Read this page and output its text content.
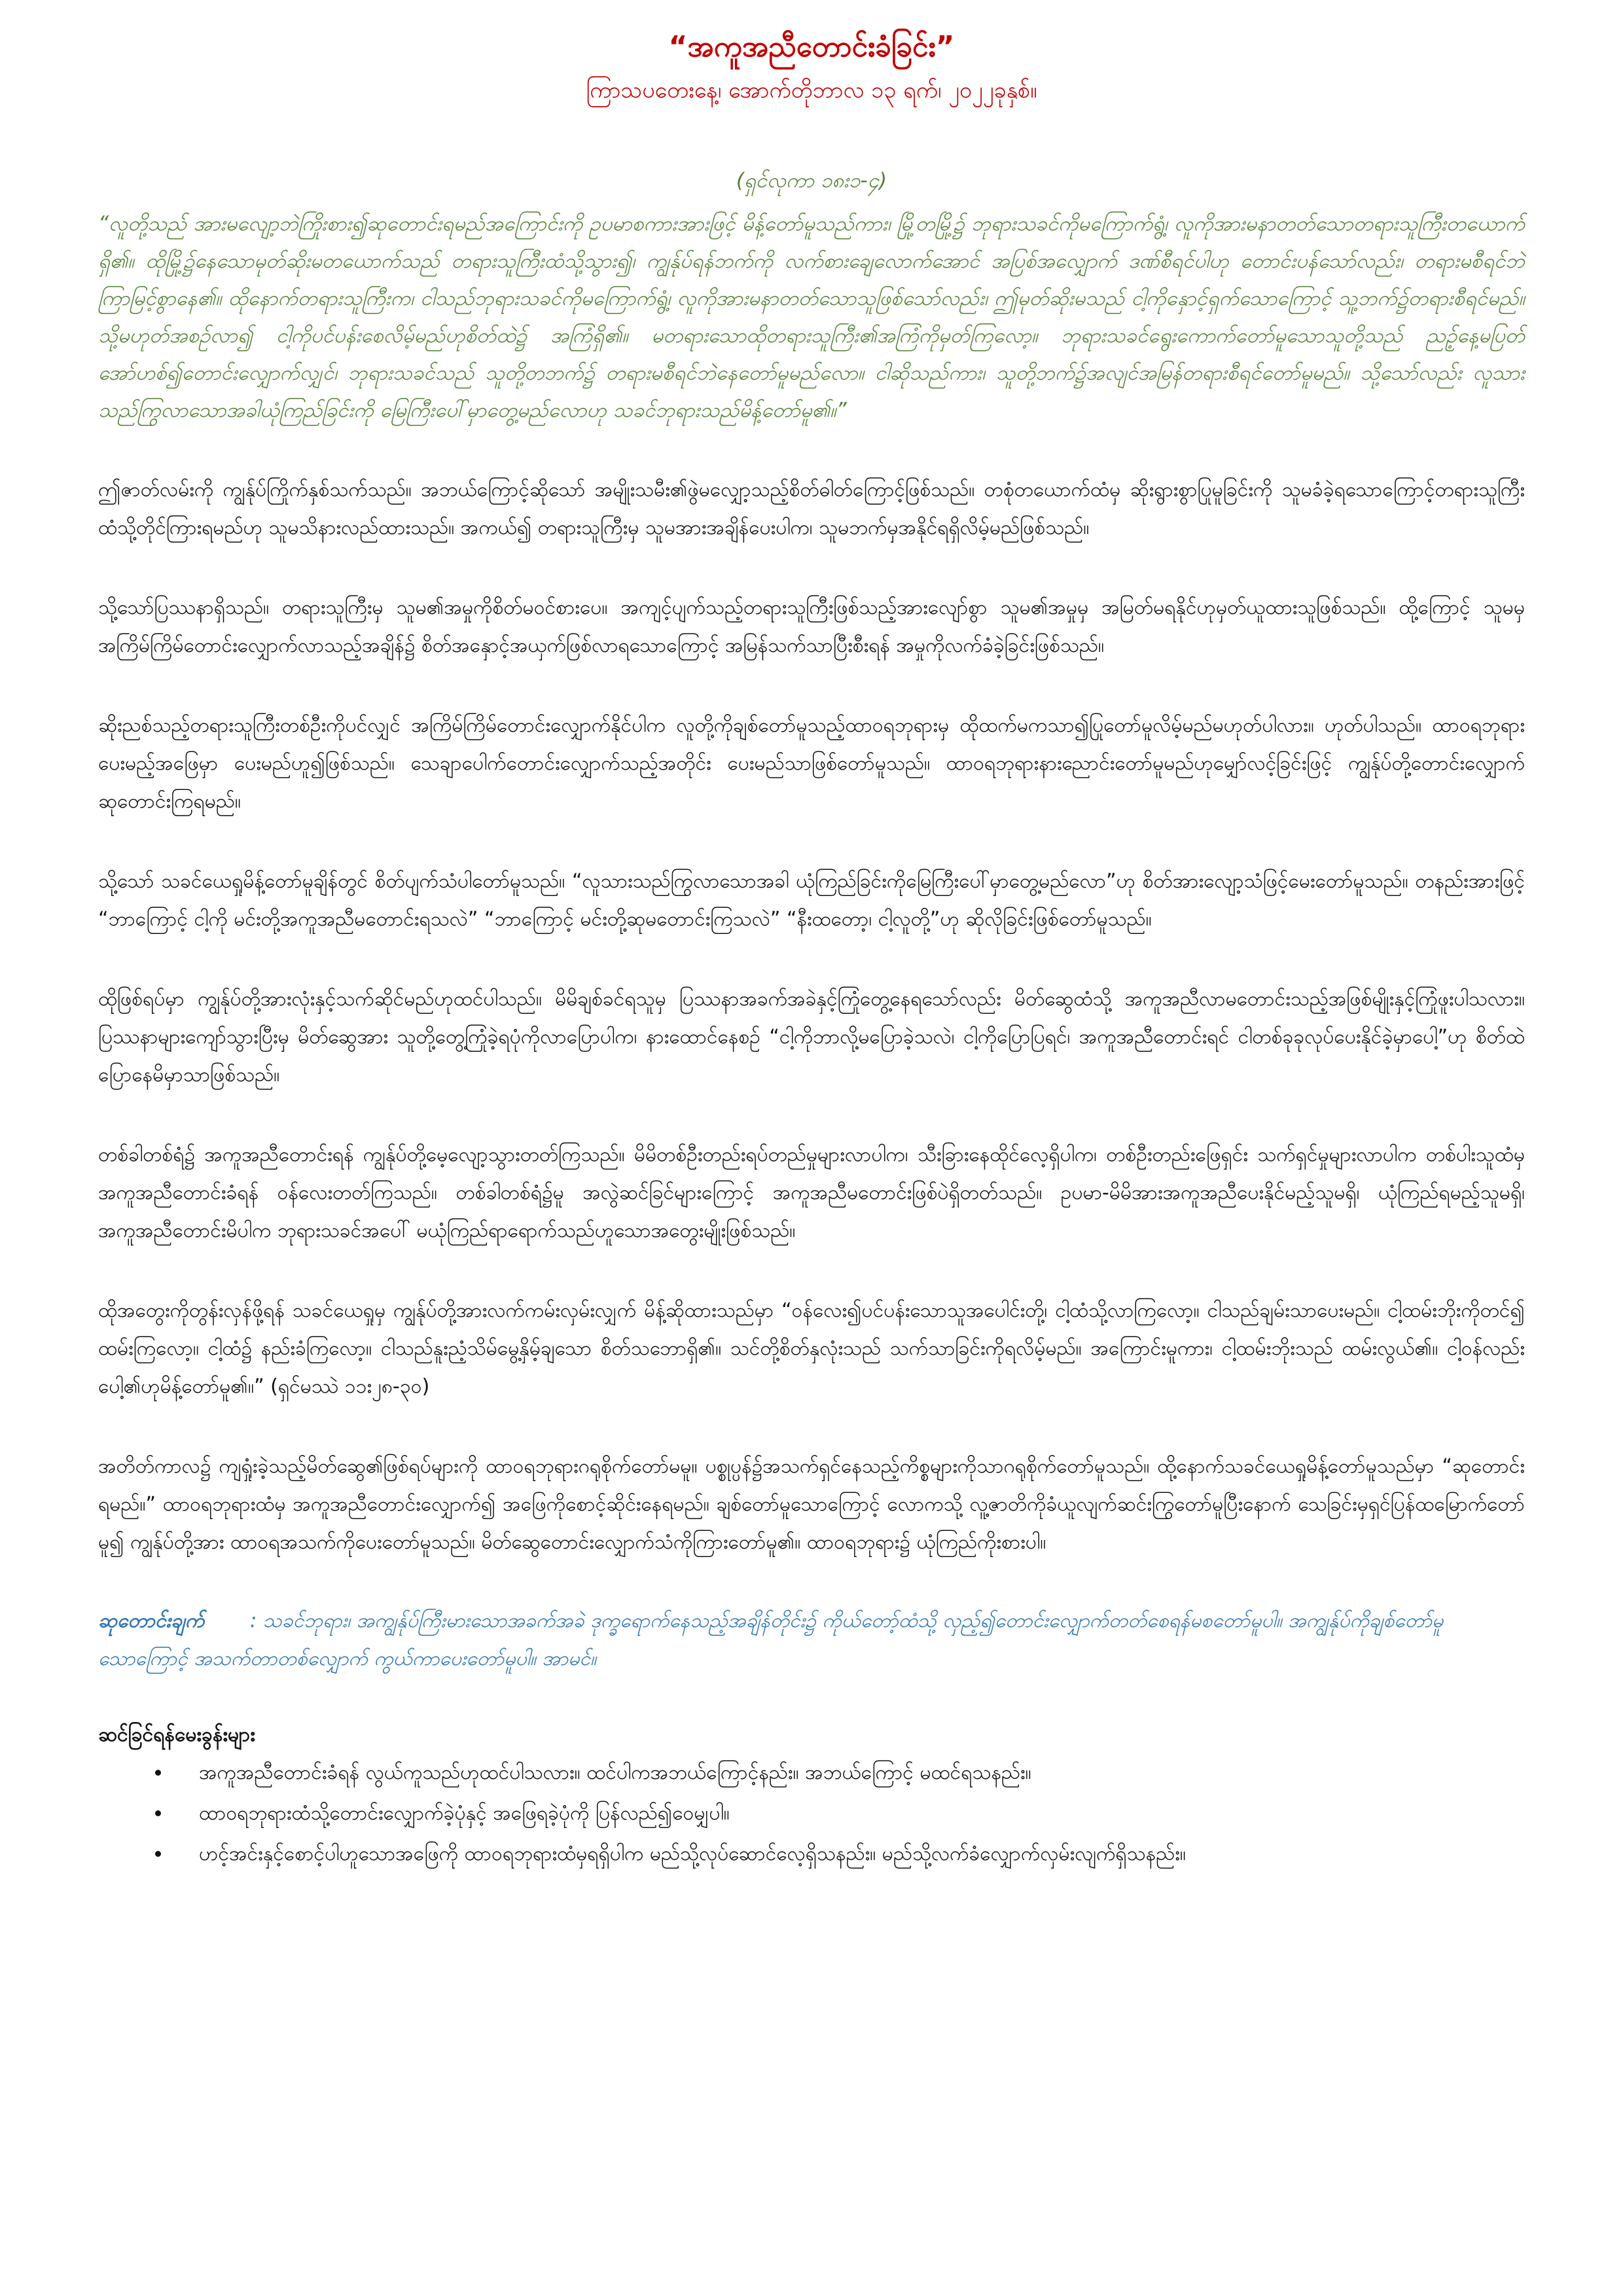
“အကူအညီတောင်းခံခြင်း”

ကြာသပတေးနေ့၊ အောက်တိုဘာလ ၁၃ ရက်၊ ၂၀၂၂ခုနှစ်။

(ရှင်လုကာ ၁၈း၁-၄)

“လူတို့သည် အားမလျော့ဘဲကြိုးစား၍ဆုတောင်းရမည်အကြောင်းကို ဥပမာစကားအားဖြင့် မိန့်တော်မူသည်ကား၊ မြို့တမြို့၌ ဘုရားသခင်ကိုမကြောက်ရွံ့၊ လူကိုအားမနာတတ်သောတရားသူကြီးတယောက်ရှိ၏။ ထိုမြို့၌နေသောမုတ်ဆိုးမတယောက်သည် တရားသူကြီးထံသို့သွား၍၊ ကျွန်ုပ်ရန်ဘက်ကို လက်စားချေလောက်အောင် အပြစ်အလျှောက် ဒဏ်စီရင်ပါဟု တောင်းပန်သော်လည်း၊ တရားမစီရင်ဘဲကြာမြင့်စွာနေ၏။ ထိုနောက်တရားသူကြီးက၊ ငါသည်ဘုရားသခင်ကိုမကြောက်ရွံ့၊ လူကိုအားမနာတတ်သောသူဖြစ်သော်လည်း၊ ဤမုတ်ဆိုးမသည် ငါ့ကိုနှောင့်ရှက်သောကြောင့် သူ့ဘက်၌တရားစီရင်မည်။ သို့မဟုတ်အစဉ်လာ၍ ငါ့ကိုပင်ပန်းစေလိမ့်မည်ဟုစိတ်ထဲ၌ အကြံရှိ၏။ မတရားသောထိုတရားသူကြီး၏အကြံကိုမှတ်ကြလော့။ ဘုရားသခင်ရွေးကောက်တော်မူသောသူတို့သည် ညဉ့်နေ့မပြတ်အော်ဟစ်၍တောင်းလျှောက်လျှင်၊ ဘုရားသခင်သည် သူတို့တဘက်၌ တရားမစီရင်ဘဲနေတော်မူမည်လော။ ငါဆိုသည်ကား၊ သူတို့ဘက်၌အလျင်အမြန်တရားစီရင်တော်မူမည်။ သို့သော်လည်း လူသားသည်ကြွလာသောအခါယုံကြည်ခြင်းကို မြေကြီးပေါ်မှာတွေ့မည်လောဟု သခင်ဘုရားသည်မိန့်တော်မူ၏။”

ဤဇာတ်လမ်းကို ကျွန်ုပ်ကြိုက်နှစ်သက်သည်။ အဘယ်ကြောင့်ဆိုသော် အမျိုးသမီး၏ဖွဲမလျှော့သည့်စိတ်ဓါတ်ကြောင့်ဖြစ်သည်။ တစုံတယောက်ထံမှ ဆိုးရွားစွာပြုမူခြင်းကို သူမခံခဲ့ရသောကြောင့်တရားသူကြီးထံသို့တိုင်ကြားရမည်ဟု သူမသိနားလည်ထားသည်။ အကယ်၍ တရားသူကြီးမှ သူမအားအချိန်ပေးပါက၊ သူမဘက်မှအနိုင်ရရှိလိမ့်မည်ဖြစ်သည်။

သို့သော်ပြဿနာရှိသည်။ တရားသူကြီးမှ သူမ၏အမှုကိုစိတ်မဝင်စားပေ။ အကျင့်ပျက်သည့်တရားသူကြီးဖြစ်သည့်အားလျော်စွာ သူမ၏အမှုမှ အမြတ်မရနိုင်ဟုမှတ်ယူထားသူဖြစ်သည်။ ထို့ကြောင့် သူမမှအကြိမ်ကြိမ်တောင်းလျှောက်လာသည့်အချိန်၌ စိတ်အနှောင့်အယှက်ဖြစ်လာရသောကြောင့် အမြန်သက်သာပြီးစီးရန် အမှုကိုလက်ခံခဲ့ခြင်းဖြစ်သည်။

ဆိုးညစ်သည့်တရားသူကြီးတစ်ဦးကိုပင်လျှင် အကြိမ်ကြိမ်တောင်းလျှောက်နိုင်ပါက လူတို့ကိုချစ်တော်မူသည့်ထာဝရဘုရားမှ ထိုထက်မကသာ၍ပြုတော်မူလိမ့်မည်မဟုတ်ပါလား။ ဟုတ်ပါသည်။ ထာဝရဘုရားပေးမည့်အဖြေမှာ ပေးမည်ဟူ၍ဖြစ်သည်။ သေချာပေါက်တောင်းလျှောက်သည့်အတိုင်း ပေးမည်သာဖြစ်တော်မူသည်။ ထာဝရဘုရားနားညောင်းတော်မူမည်ဟုမျှော်လင့်ခြင်းဖြင့် ကျွန်ုပ်တို့တောင်းလျှောက်ဆုတောင်းကြရမည်။

သို့သော် သခင်ယေရှုမိန့်တော်မူချိန်တွင် စိတ်ပျက်သံပါတော်မူသည်။ “လူသားသည်ကြွလာသောအခါ ယုံကြည်ခြင်းကိုမြေကြီးပေါ်မှာတွေ့မည်လော”ဟု စိတ်အားလျော့သံဖြင့်မေးတော်မူသည်။ တနည်းအားဖြင့် “ဘာကြောင့် ငါ့ကို မင်းတို့အကူအညီမတောင်းရသလဲ” “ဘာကြောင့် မင်းတို့ဆုမတောင်းကြသလဲ” “နီးထတော့၊ ငါ့လူတို့”ဟု ဆိုလိုခြင်းဖြစ်တော်မူသည်။

ထိုဖြစ်ရပ်မှာ ကျွန်ုပ်တို့အားလုံးနှင့်သက်ဆိုင်မည်ဟုထင်ပါသည်။ မိမိချစ်ခင်ရသူမှ ပြဿနာအခက်အခဲနှင့်ကြုံတွေ့နေရသော်လည်း မိတ်ဆွေထံသို့ အကူအညီလာမတောင်းသည့်အဖြစ်မျိုးနှင့်ကြုံဖူးပါသလား။ ပြဿနာများကျော်သွားပြီးမှ မိတ်ဆွေအား သူတို့တွေ့ကြုံခဲ့ရပုံကိုလာပြောပါက၊ နားထောင်နေစဉ် “ငါ့ကိုဘာလို့မပြောခဲ့သလဲ၊ ငါ့ကိုပြောပြရင်၊ အကူအညီတောင်းရင် ငါတစ်ခုခုလုပ်ပေးနိုင်ခဲ့မှာပေါ့”ဟု စိတ်ထဲပြောနေမိမှာသာဖြစ်သည်။

တစ်ခါတစ်ရံ၌ အကူအညီတောင်းရန် ကျွန်ုပ်တို့မေ့လျော့သွားတတ်ကြသည်။ မိမိတစ်ဦးတည်းရပ်တည်မှုများလာပါက၊ သီးခြားနေထိုင်လေ့ရှိပါက၊ တစ်ဦးတည်းဖြေရှင်း သက်ရှင်မှုများလာပါက တစ်ပါးသူထံမှ အကူအညီတောင်းခံရန် ဝန်လေးတတ်ကြသည်။ တစ်ခါတစ်ရံ၌မူ အလွဲဆင်ခြင်များကြောင့် အကူအညီမတောင်းဖြစ်ပဲရှိတတ်သည်။ ဥပမာ-မိမိအားအကူအညီပေးနိုင်မည့်သူမရှိ၊ ယုံကြည်ရမည့်သူမရှိ၊ အကူအညီတောင်းမိပါက ဘုရားသခင်အပေါ် မယုံကြည်ရာရောက်သည်ဟူသောအတွေးမျိုးဖြစ်သည်။

ထိုအတွေးကိုတွန်းလှန်ဖို့ရန် သခင်ယေရှုမှ ကျွန်ုပ်တို့အားလက်ကမ်းလှမ်းလျှက် မိန့်ဆိုထားသည်မှာ “ဝန်လေး၍ပင်ပန်းသောသူအပေါင်းတို့၊ ငါ့ထံသို့လာကြလော့။ ငါသည်ချမ်းသာပေးမည်။ ငါ့ထမ်းဘိုးကိုတင်၍ ထမ်းကြလော့။ ငါ့ထံ၌ နည်းခံကြလော့။ ငါသည်နူးညံ့သိမ်မွေ့နှိမ့်ချသော စိတ်သဘောရှိ၏။ သင်တို့စိတ်နှလုံးသည် သက်သာခြင်းကိုရလိမ့်မည်။ အကြောင်းမူကား၊ ငါ့ထမ်းဘိုးသည် ထမ်းလွယ်၏။ ငါ့ဝန်လည်းပေါ့၏ဟုမိန့်တော်မူ၏။” (ရှင်မဿဲ ၁၁း၂၈-၃၀)

အတိတ်ကာလ၌ ကျရှုံးခဲ့သည့်မိတ်ဆွေ၏ဖြစ်ရပ်များကို ထာဝရဘုရားဂရုစိုက်တော်မမူ။ ပစ္စုပ္ပန်၌အသက်ရှင်နေသည့်ကိစ္စများကိုသာဂရုစိုက်တော်မူသည်။ ထို့နောက်သခင်ယေရှုမိန့်တော်မူသည်မှာ “ဆုတောင်းရမည်။” ထာဝရဘုရားထံမှ အကူအညီတောင်းလျှောက်၍ အဖြေကိုစောင့်ဆိုင်းနေရမည်။ ချစ်တော်မူသောကြောင့် လောကသို့ လူ့ဇာတိကိုခံယူလျက်ဆင်းကြွတော်မူပြီးနောက် သေခြင်းမှရှင်ပြန်ထမြောက်တော်မူ၍ ကျွန်ုပ်တို့အား ထာဝရအသက်ကိုပေးတော်မူသည်။ မိတ်ဆွေတောင်းလျှောက်သံကိုကြားတော်မူ၏။ ထာဝရဘုရား၌ ယုံကြည်ကိုးစားပါ။

ဆုတောင်းချက် : သခင်ဘုရား၊ အကျွန်ုပ်ကြီးမားသောအခက်အခဲ ဒုက္ခရောက်နေသည့်အချိန်တိုင်း၌ ကိုယ်တော့်ထံသို့ လှည့်၍တောင်းလျှောက်တတ်စေရန်မစတော်မူပါ။ အကျွန်ုပ်ကိုချစ်တော်မူသောကြောင့် အသက်တာတစ်လျှောက် ကွယ်ကာပေးတော်မူပါ။ အာမင်။

ဆင်ခြင်ရန်မေးခွန်းများ

• အကူအညီတောင်းခံရန် လွယ်ကူသည်ဟုထင်ပါသလား။ ထင်ပါကအဘယ်ကြောင့်နည်း။ အဘယ်ကြောင့် မထင်ရသနည်း။
• ထာဝရဘုရားထံသို့တောင်းလျှောက်ခဲ့ပုံနှင့် အဖြေရခဲ့ပုံကို ပြန်လည်၍ဝေမျှပါ။
• ဟင့်အင်းနှင့်စောင့်ပါဟူသောအဖြေကို ထာဝရဘုရားထံမှရရှိပါက မည်သို့လုပ်ဆောင်လေ့ရှိသနည်း။ မည်သို့လက်ခံလျှောက်လှမ်းလျက်ရှိသနည်း။
